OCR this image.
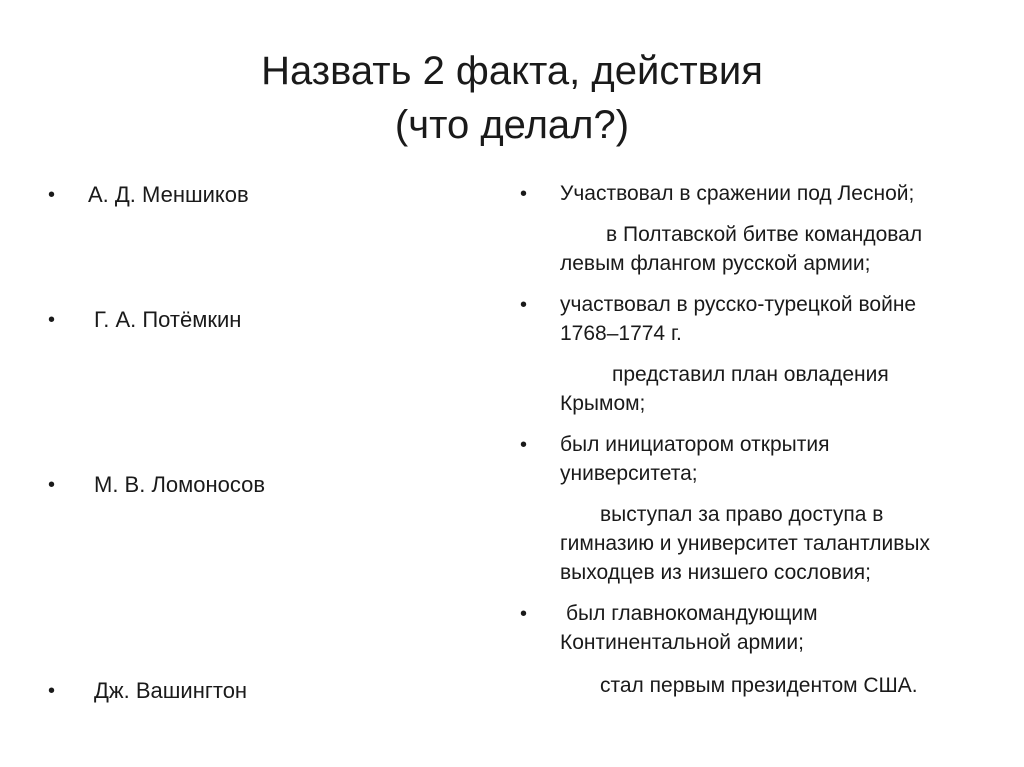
Назвать 2 факта, действия
(что делал?)
• А. Д. Меншиков
• Г. А. Потёмкин
• М. В. Ломоносов
• Дж. Вашингтон
• Участвовал в сражении под Лесной;
в Полтавской битве командовал
левым флангом русской армии;
• участвовал в русско-турецкой войне
1768–1774 г.
представил план овладения
Крымом;
• был инициатором открытия
университета;
выступал за право доступа в
гимназию и университет талантливых
выходцев из низшего сословия;
• был главнокомандующим
Континентальной армии;
стал первым президентом США.
